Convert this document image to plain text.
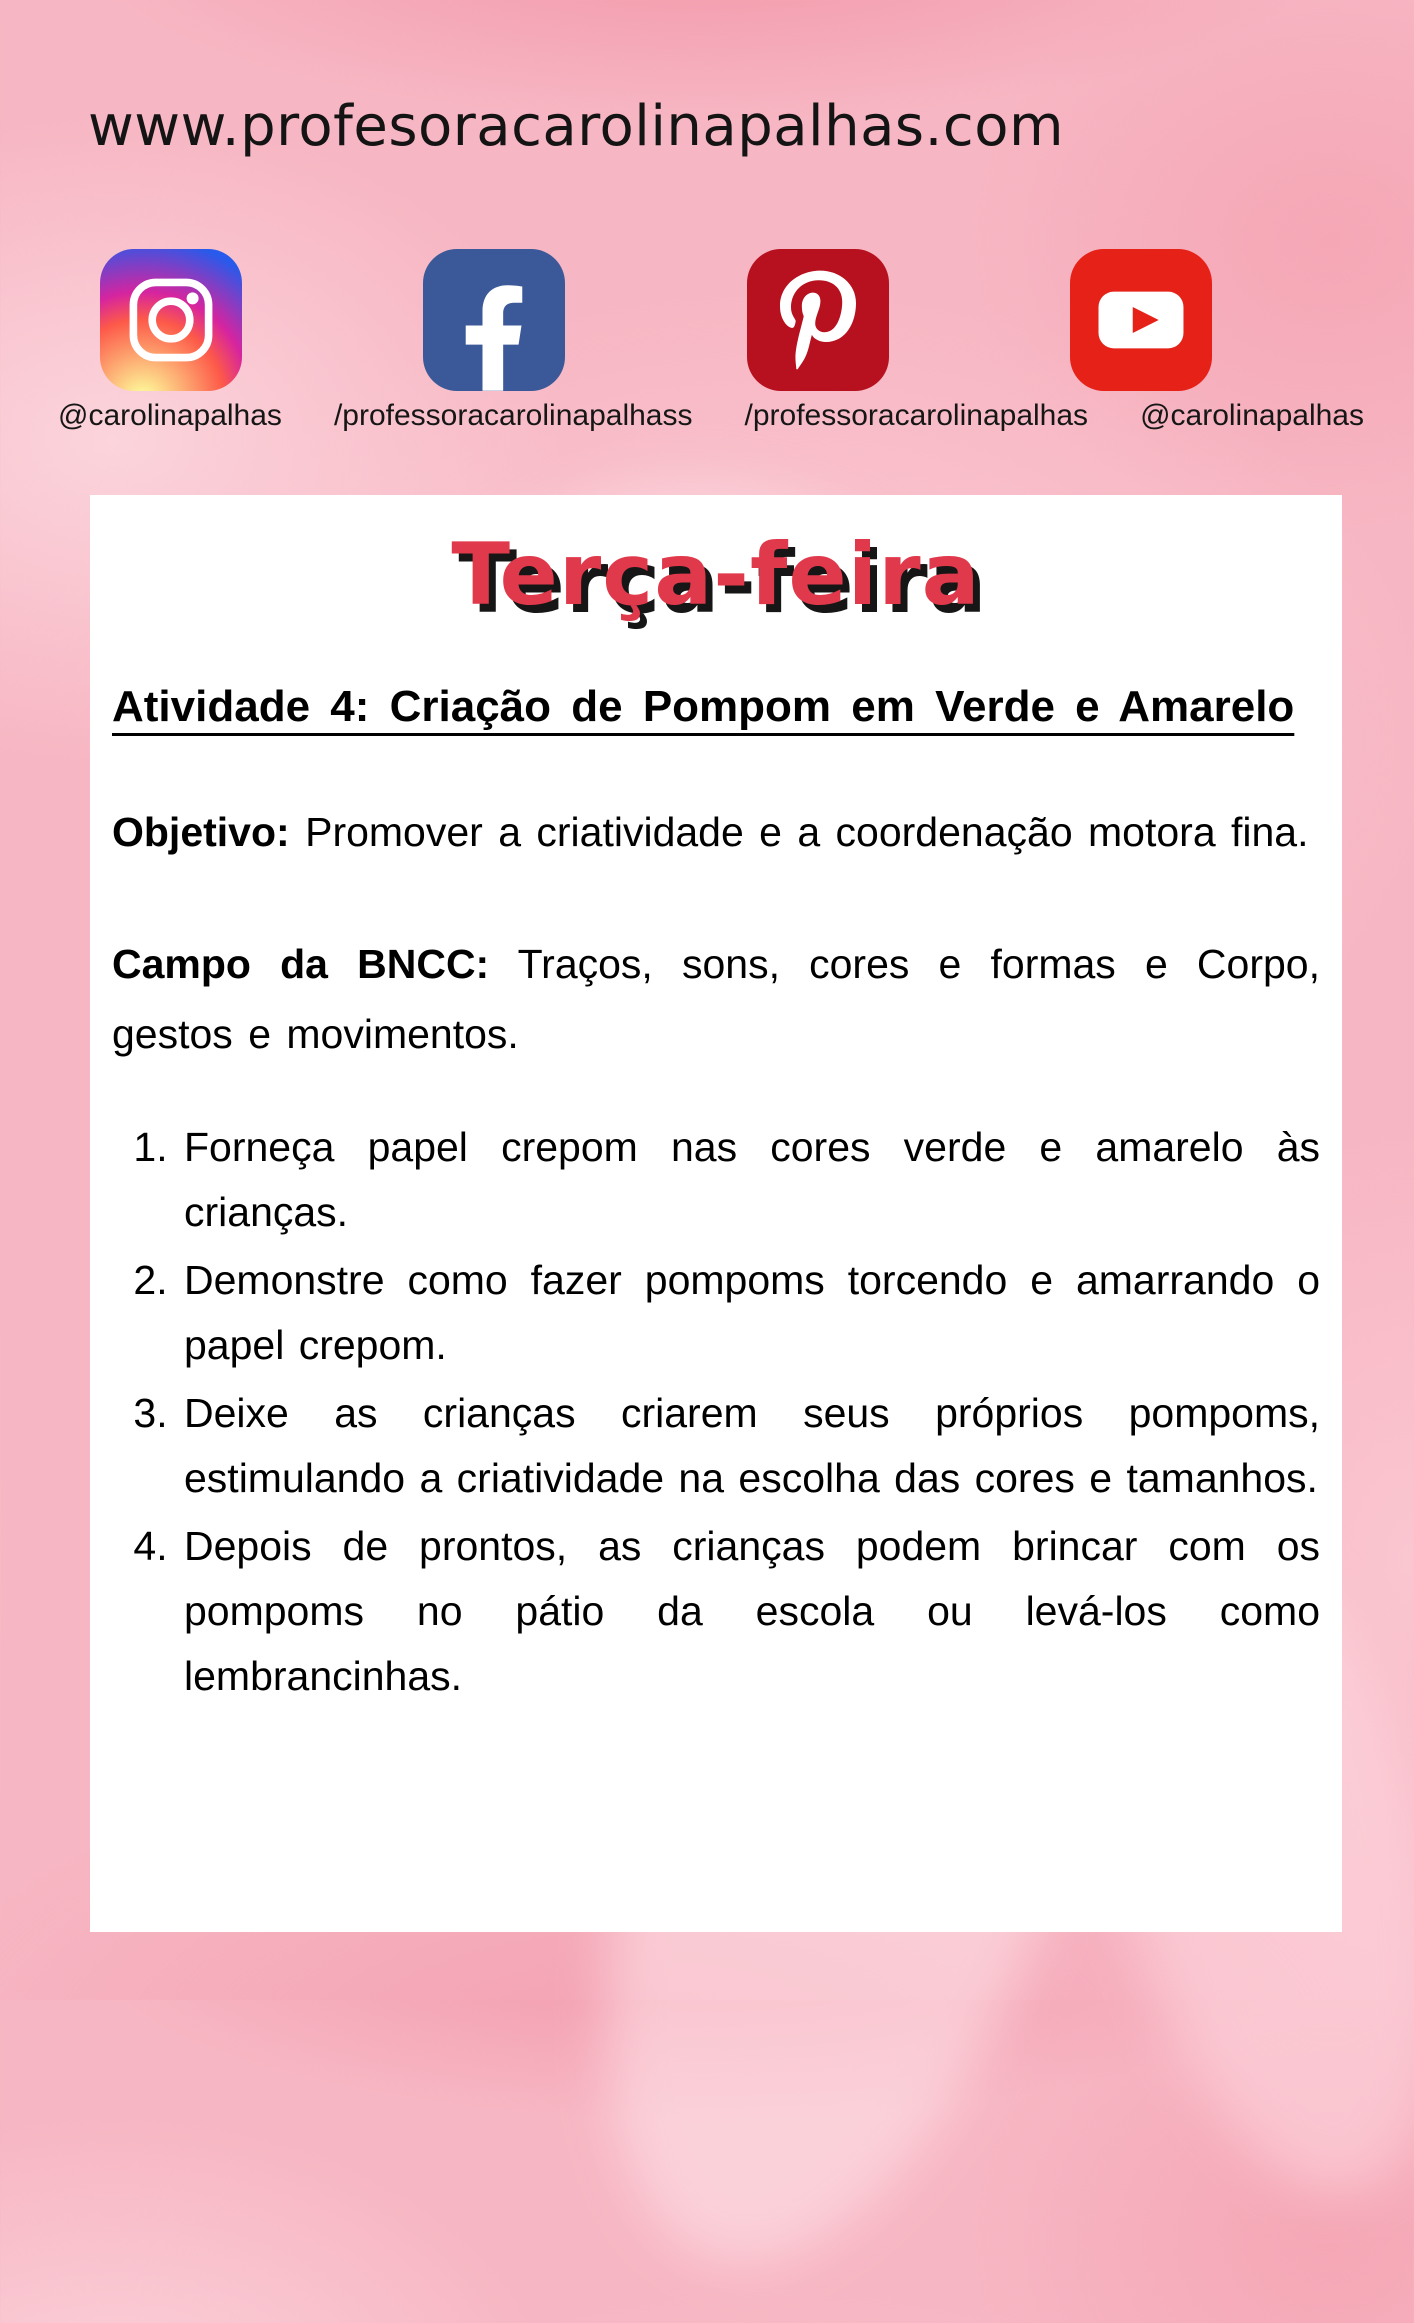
www.profesoracarolinapalhas.com
@carolinapalhas /professoracarolinapalhass /professoracarolinapalhas @carolinapalhas
Terça-feira
Atividade 4: Criação de Pompom em Verde e Amarelo

Objetivo: Promover a criatividade e a coordenação motora fina.

Campo da BNCC: Traços, sons, cores e formas e Corpo, gestos e movimentos.

1. Forneça papel crepom nas cores verde e amarelo às crianças.
2. Demonstre como fazer pompoms torcendo e amarrando o papel crepom.
3. Deixe as crianças criarem seus próprios pompoms, estimulando a criatividade na escolha das cores e tamanhos.
4. Depois de prontos, as crianças podem brincar com os pompoms no pátio da escola ou levá-los como lembrancinhas.
